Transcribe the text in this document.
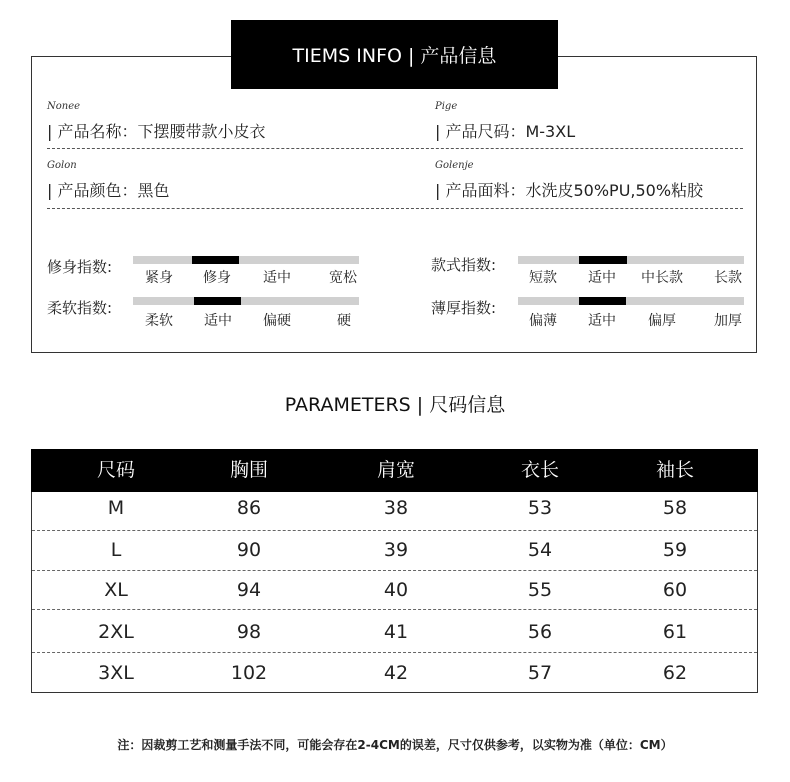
TIEMS INFO | 产品信息
Nonee
| 产品名称：下摆腰带款小皮衣
Pige
| 产品尺码：M-3XL
Golon
| 产品颜色：黑色
Golenje
| 产品面料：水洗皮50%PU,50%粘胶
修身指数:
紧身	修身	适中	宽松
款式指数:
短款	适中	中长款	长款
柔软指数:
柔软	适中	偏硬	硬
薄厚指数:
偏薄	适中	偏厚	加厚
PARAMETERS | 尺码信息
尺码	胸围	肩宽	衣长	袖长
M	86	38	53	58
L	90	39	54	59
XL	94	40	55	60
2XL	98	41	56	61
3XL	102	42	57	62
注：因裁剪工艺和测量手法不同，可能会存在2-4CM的误差，尺寸仅供参考，以实物为准（单位：CM）
